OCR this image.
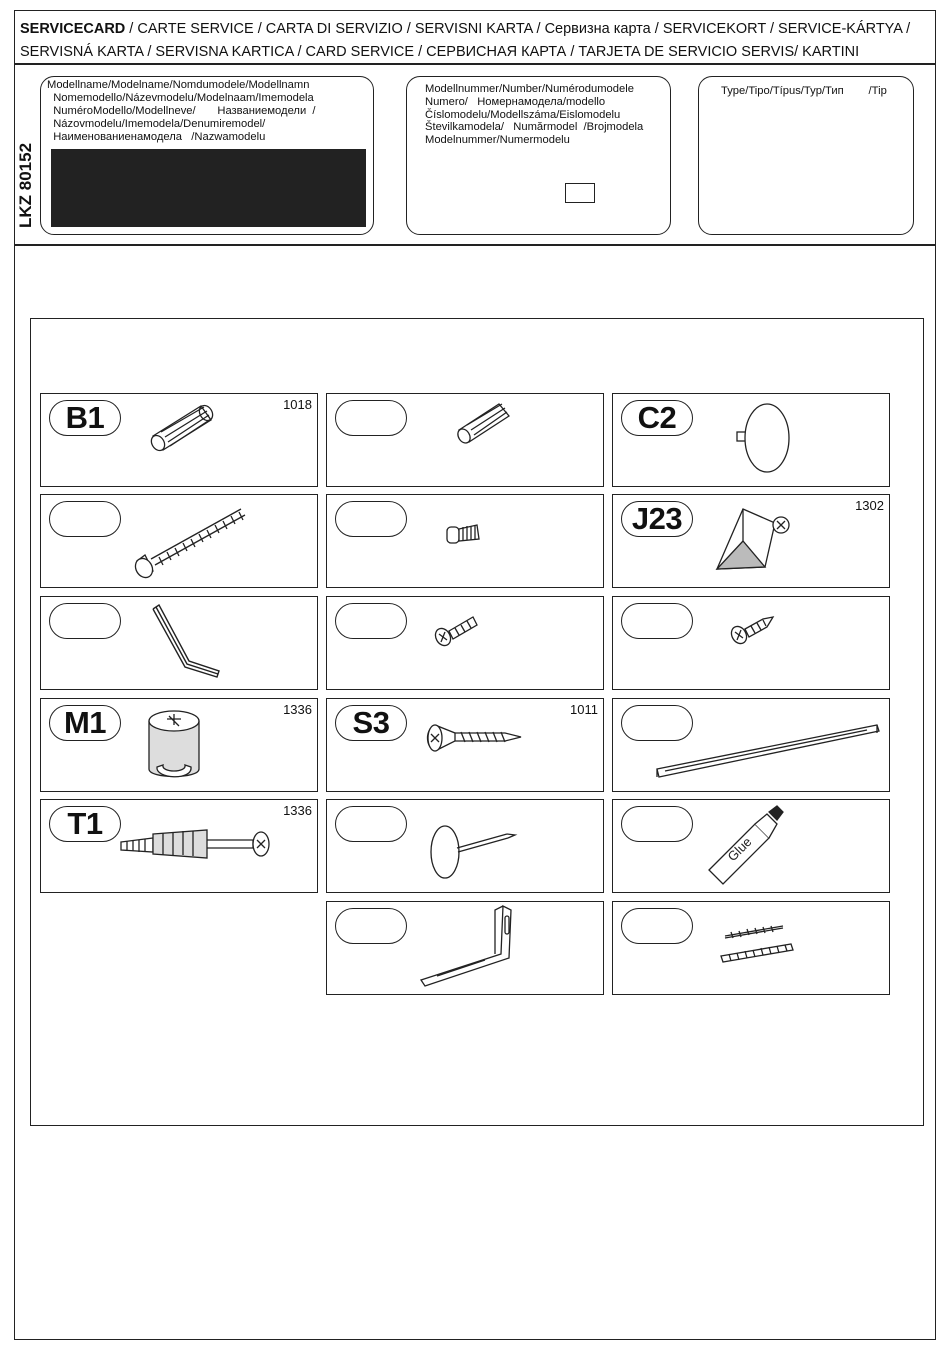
SERVICECARD / CARTE SERVICE / CARTA DI SERVIZIO / SERVISNI KARTA / Сервизна карта / SERVICEKORT / SERVICE-KÁRTYA /
SERVISNÁ KARTA / SERVISNA KARTICA / CARD SERVICE / СЕРВИСНАЯ КАРТА / TARJETA DE SERVICIO SERVIS/ KARTINI
LKZ 80152
Modellname/Modelname/Nomdumodele/Modellnamn
Nomemodello/Názevmodelu/Modelnaam/Imemodela
NuméroModello/Modellneve/       Названиемодели  /
Názovmodelu/Imemodela/Denumiremodel/
Наименованиенамодела   /Nazwamodelu
Modellnummer/Number/Numérodumodele
Numero/   Номерна​модела/modello
Číslomodelu/Modellszáma/Eislomodelu
Številkamodela/   Numărmodel  /Brojmodela
Modelnummer/Numermodelu
Type/Tipo/Típus/Typ/Тип        /Tip
B1	1018	C2
J23	1302
M1	1336	S3	1011
T1	1336
Glue
